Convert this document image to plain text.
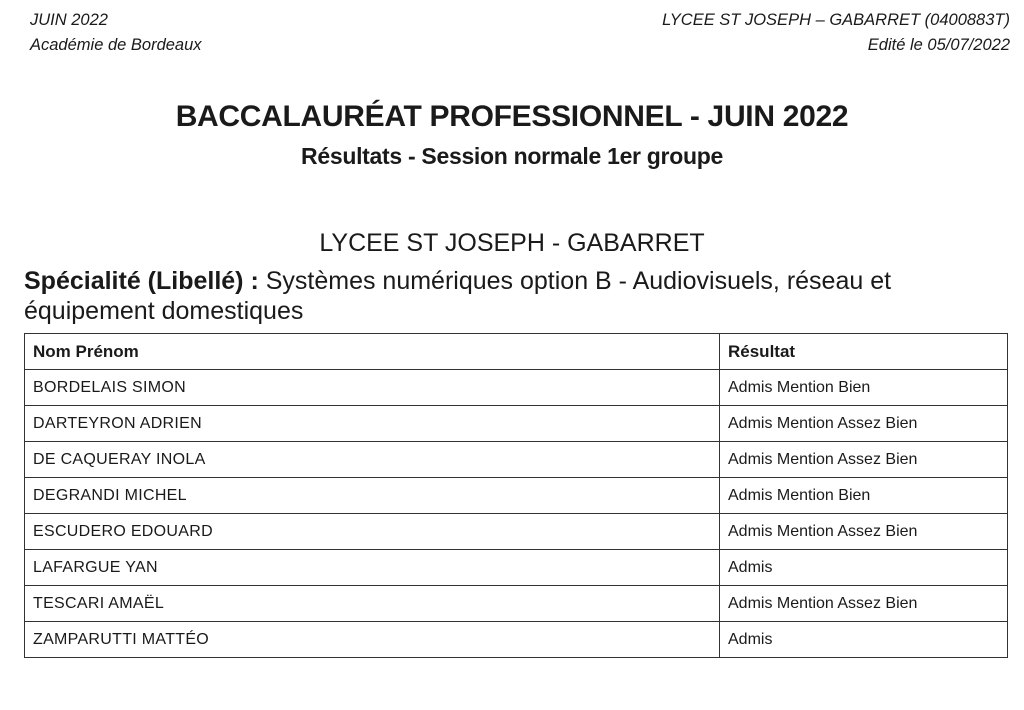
JUIN 2022
Académie de Bordeaux
LYCEE ST JOSEPH – GABARRET (0400883T)
Edité le 05/07/2022
BACCALAURÉAT PROFESSIONNEL - JUIN 2022
Résultats - Session normale 1er groupe
LYCEE ST JOSEPH - GABARRET
Spécialité (Libellé) : Systèmes numériques option B - Audiovisuels, réseau et équipement domestiques
Nom Prénom	Résultat
BORDELAIS SIMON	Admis Mention Bien
DARTEYRON ADRIEN	Admis Mention Assez Bien
DE CAQUERAY INOLA	Admis Mention Assez Bien
DEGRANDI MICHEL	Admis Mention Bien
ESCUDERO EDOUARD	Admis Mention Assez Bien
LAFARGUE YAN	Admis
TESCARI AMAËL	Admis Mention Assez Bien
ZAMPARUTTI MATTÉO	Admis
